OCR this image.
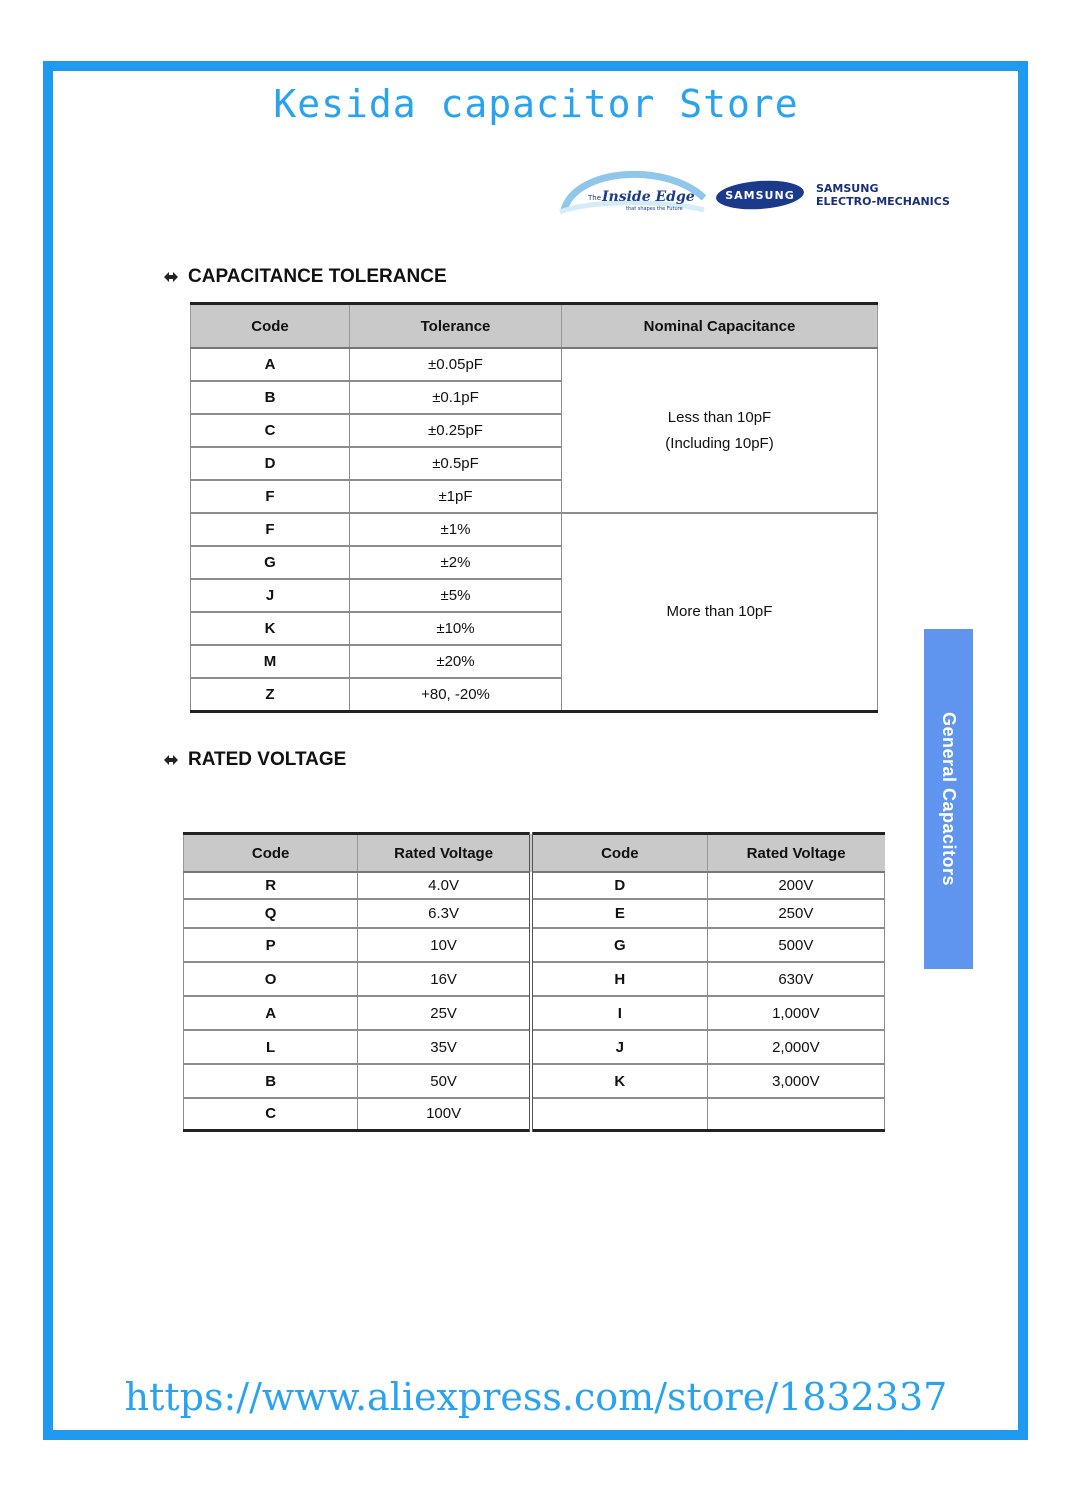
Kesida capacitor Store
The Inside Edge
that shapes the Future
SAMSUNG
SAMSUNG
ELECTRO-MECHANICS
CAPACITANCE TOLERANCE
Code	Tolerance	Nominal Capacitance
A	±0.05pF	Less than 10pF
(Including 10pF)

B	±0.1pF	
C	±0.25pF	
D	±0.5pF	
F	±1pF	
F	±1%	More than 10pF
G	±2%	
J	±5%	
K	±10%	
M	±20%	
Z	+80, -20%	
RATED VOLTAGE
Code	Rated Voltage	Code	Rated Voltage
R	4.0V	D	200V
Q	6.3V	E	250V
P	10V	G	500V
O	16V	H	630V
A	25V	I	1,000V
L	35V	J	2,000V
B	50V	K	3,000V
C	100V		
General Capacitors
https://www.aliexpress.com/store/1832337
